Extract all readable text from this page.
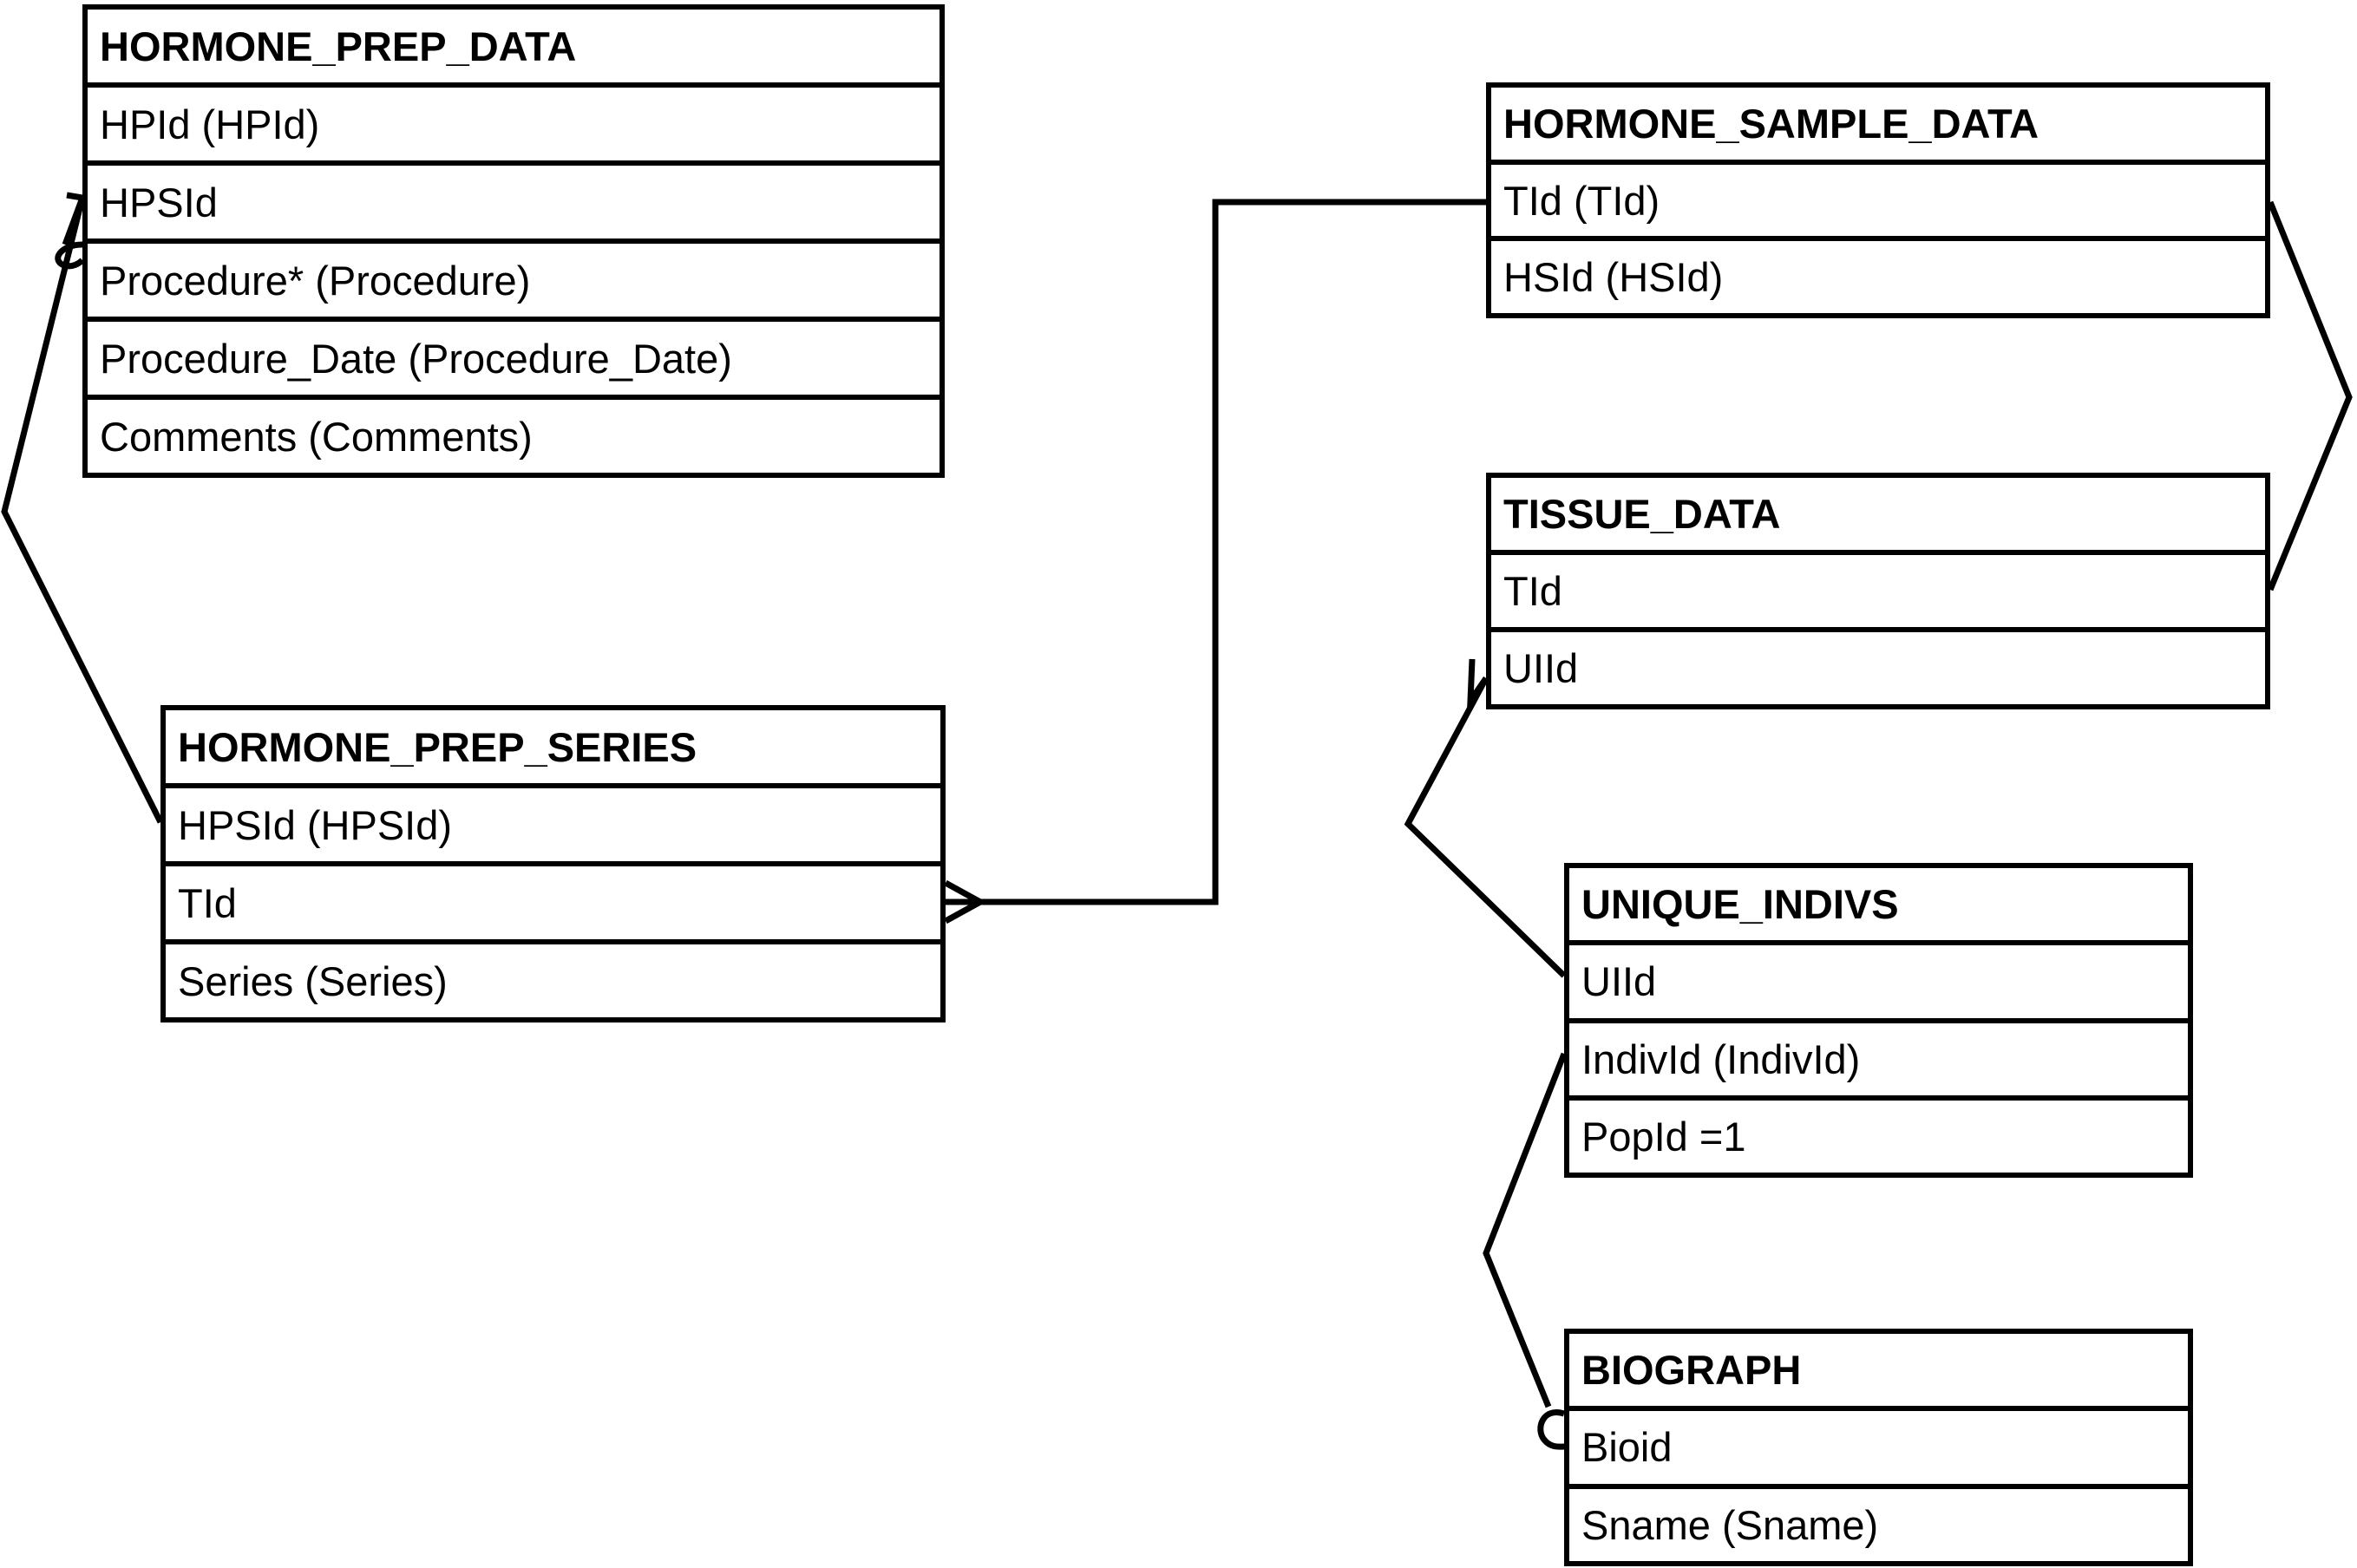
HORMONE_PREP_DATA
HPId (HPId)
HPSId
Procedure* (Procedure)
Procedure_Date (Procedure_Date)
Comments (Comments)
HORMONE_PREP_SERIES
HPSId (HPSId)
TId
Series (Series)
HORMONE_SAMPLE_DATA
TId (TId)
HSId (HSId)
TISSUE_DATA
TId
UIId
UNIQUE_INDIVS
UIId
IndivId (IndivId)
PopId =1
BIOGRAPH
Bioid
Sname (Sname)
